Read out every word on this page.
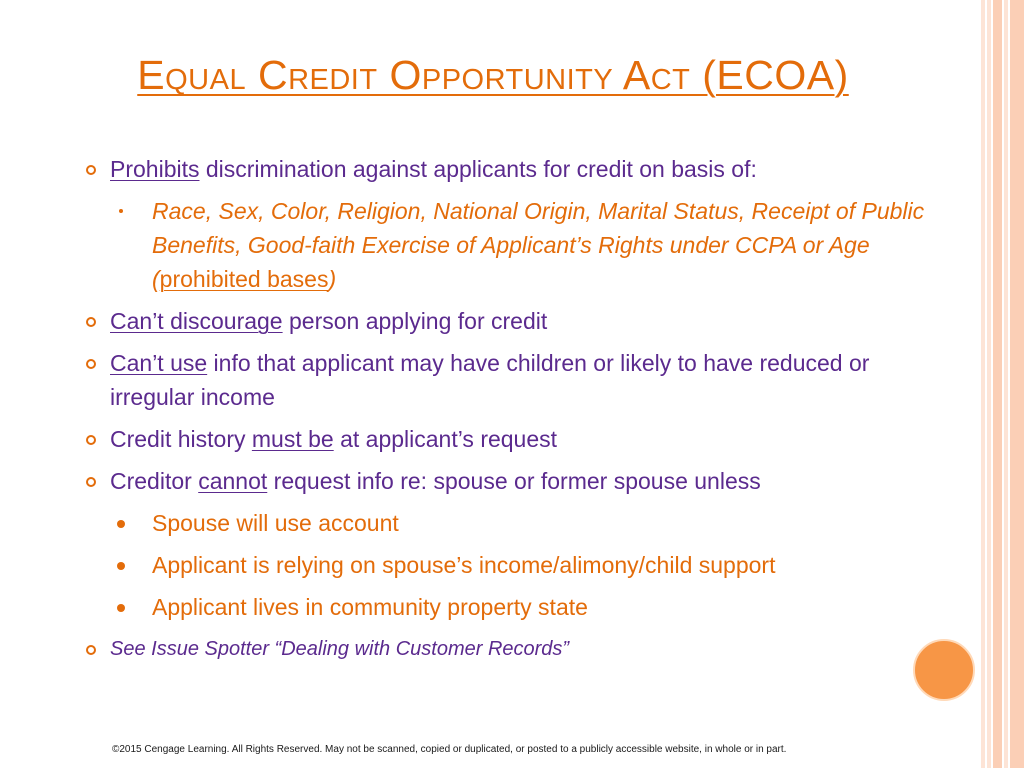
Equal Credit Opportunity Act (ECOA)
Prohibits discrimination against applicants for credit on basis of:
Race, Sex, Color, Religion, National Origin, Marital Status, Receipt of Public Benefits, Good-faith Exercise of Applicant’s Rights under CCPA or Age (prohibited bases)
Can’t discourage person applying for credit
Can’t use info that applicant may have children or likely to have reduced or irregular income
Credit history must be at applicant’s request
Creditor cannot request info re: spouse or former spouse unless
Spouse will use account
Applicant is relying on spouse’s income/alimony/child support
Applicant lives in community property state
See Issue Spotter “Dealing with Customer Records”
©2015 Cengage Learning. All Rights Reserved. May not be scanned, copied or duplicated, or posted to a publicly accessible website, in whole or in part.
